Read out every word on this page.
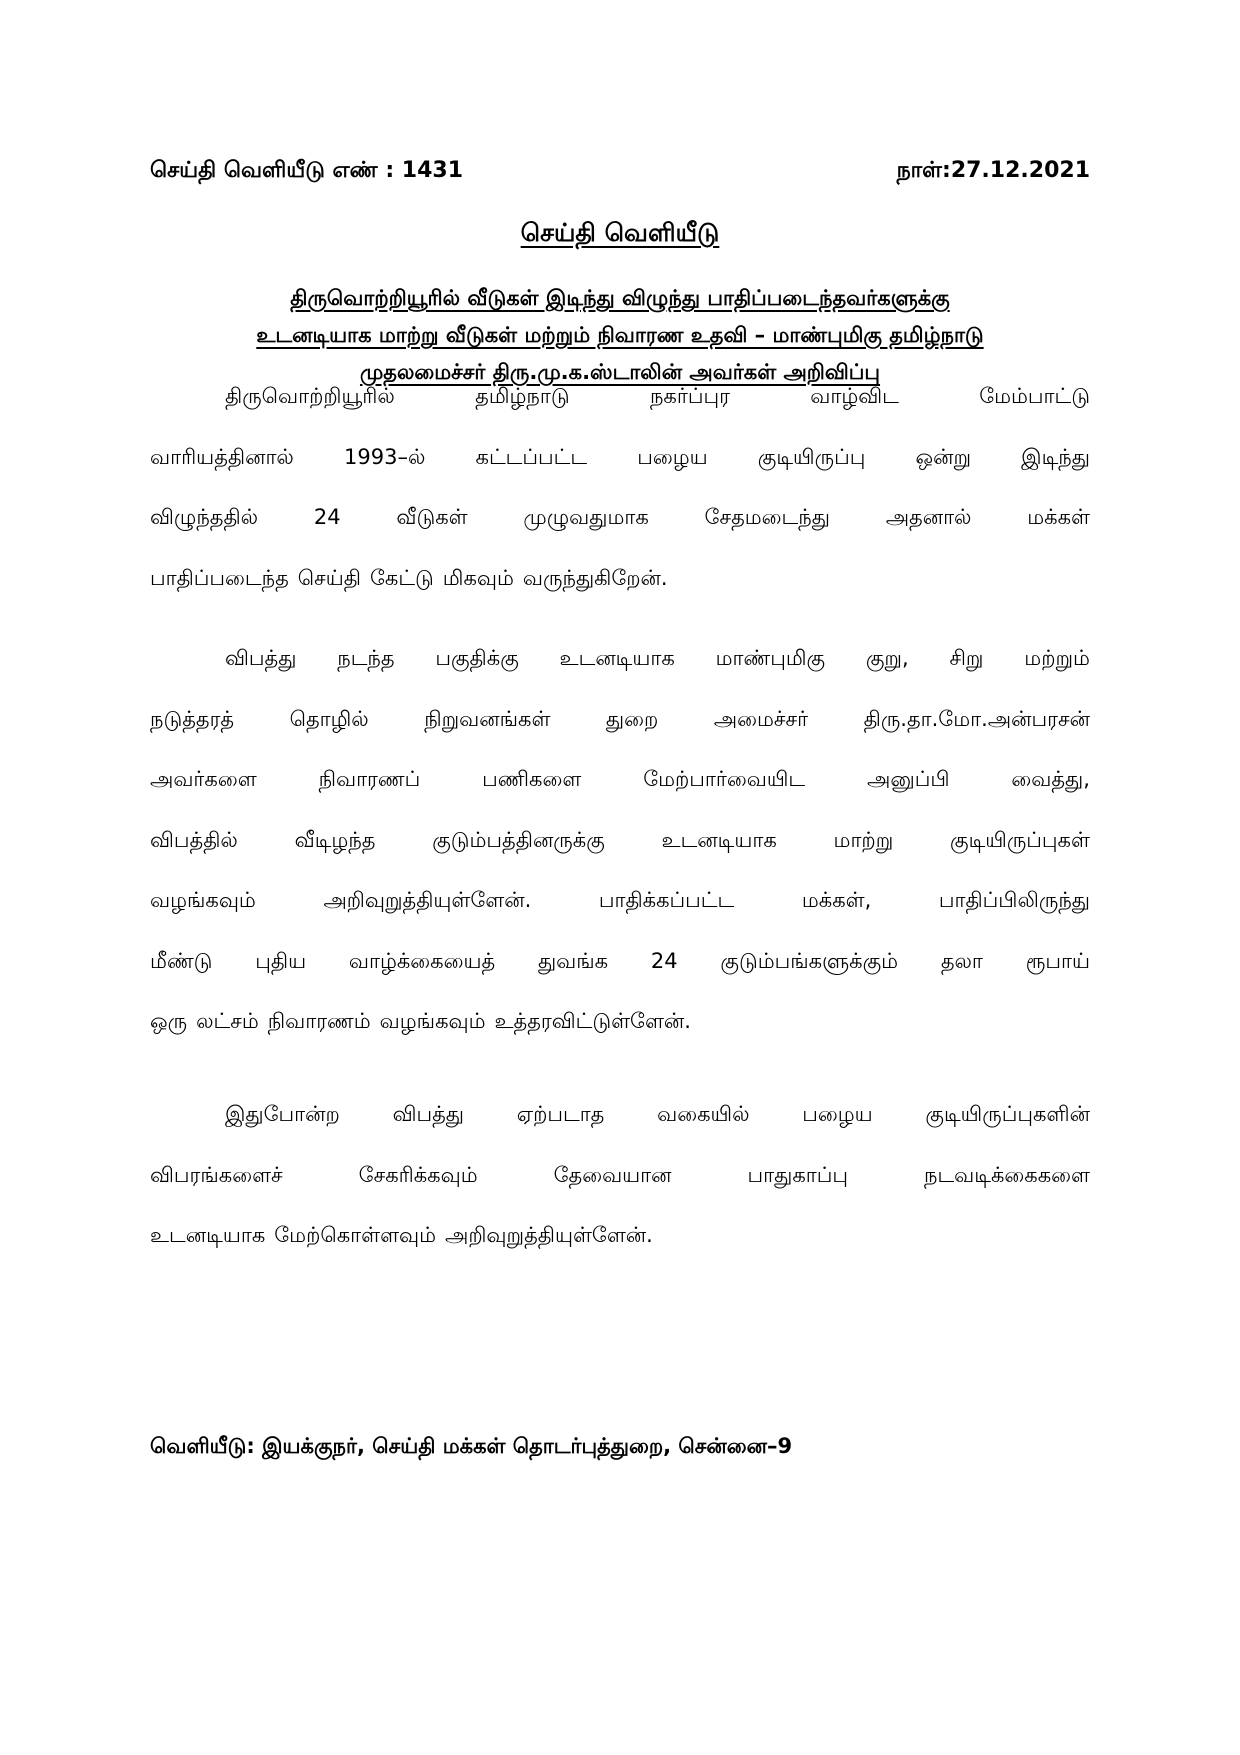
செய்தி வெளியீடு எண் : 1431	நாள்:27.12.2021
செய்தி வெளியீடு
திருவொற்றியூரில் வீடுகள் இடிந்து விழுந்து பாதிப்படைந்தவர்களுக்கு
உடனடியாக மாற்று வீடுகள் மற்றும் நிவாரண உதவி – மாண்புமிகு தமிழ்நாடு
முதலமைச்சர் திரு.மு.க.ஸ்டாலின் அவர்கள் அறிவிப்பு
திருவொற்றியூரில்	தமிழ்நாடு	நகர்ப்புர	வாழ்விட	மேம்பாட்டு
வாரியத்தினால் 1993–ல் கட்டப்பட்ட பழைய குடியிருப்பு ஒன்று இடிந்து
விழுந்ததில்	24	வீடுகள்	முழுவதுமாக	சேதமடைந்து	அதனால்	மக்கள்
பாதிப்படைந்த செய்தி கேட்டு மிகவும் வருந்துகிறேன்.
விபத்து நடந்த பகுதிக்கு உடனடியாக மாண்புமிகு குறு, சிறு மற்றும்
நடுத்தரத்	தொழில்	நிறுவனங்கள்	துறை	அமைச்சர்	திரு.தா.மோ.அன்பரசன்
அவர்களை	நிவாரணப்	பணிகளை	மேற்பார்வையிட	அனுப்பி	வைத்து,
விபத்தில்	வீடிழந்த	குடும்பத்தினருக்கு	உடனடியாக	மாற்று	குடியிருப்புகள்
வழங்கவும்	அறிவுறுத்தியுள்ளேன்.	பாதிக்கப்பட்ட	மக்கள்,	பாதிப்பிலிருந்து
மீண்டு புதிய வாழ்க்கையைத் துவங்க 24 குடும்பங்களுக்கும் தலா ரூபாய்
ஒரு லட்சம் நிவாரணம் வழங்கவும் உத்தரவிட்டுள்ளேன்.
இதுபோன்ற	விபத்து	ஏற்படாத	வகையில்	பழைய	குடியிருப்புகளின்
விபரங்களைச்	சேகரிக்கவும்	தேவையான	பாதுகாப்பு	நடவடிக்கைகளை
உடனடியாக மேற்கொள்ளவும் அறிவுறுத்தியுள்ளேன்.
வெளியீடு: இயக்குநர், செய்தி மக்கள் தொடர்புத்துறை, சென்னை–9
